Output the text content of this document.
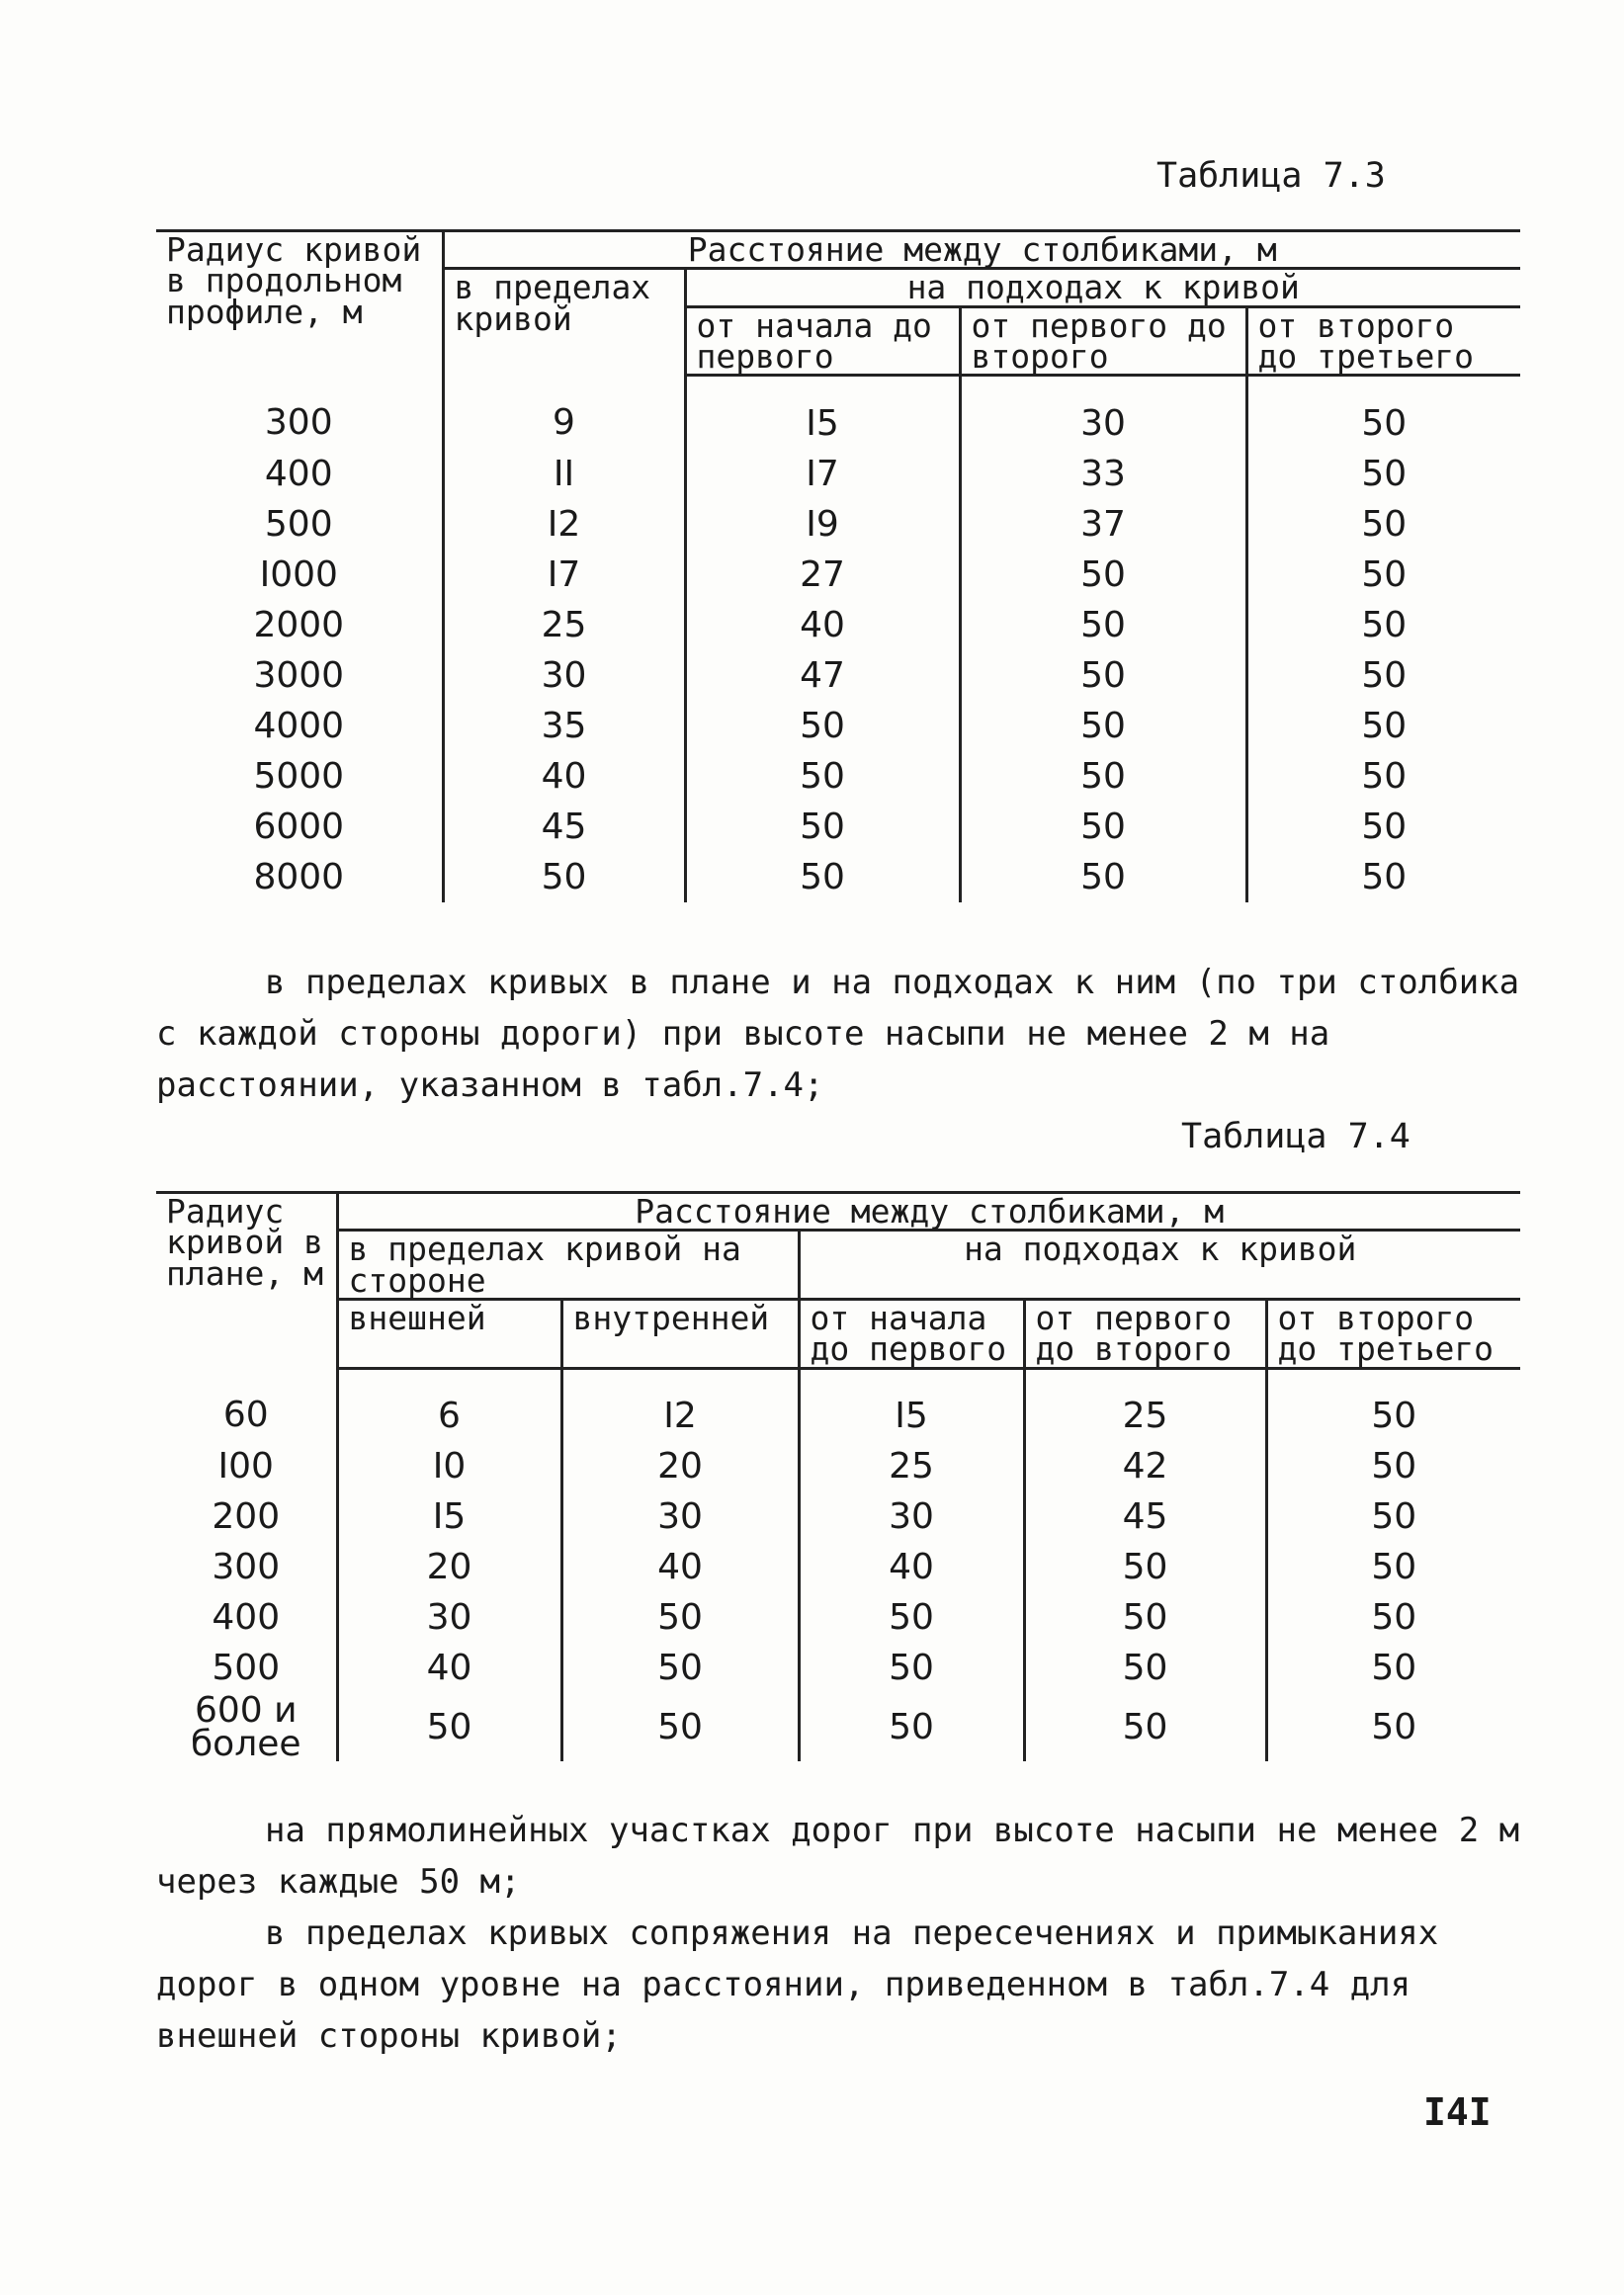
Таблица 7.3
Радиус кривой в продольном профиле, м	Расстояние между столбиками, м			
	в пределах кривой	на подходах к кривой		
		от начала до первого	от первого до второго	от второго до третьего
300	9	I5	30	50
400	II	I7	33	50
500	I2	I9	37	50
I000	I7	27	50	50
2000	25	40	50	50
3000	30	47	50	50
4000	35	50	50	50
5000	40	50	50	50
6000	45	50	50	50
8000	50	50	50	50

в пределах кривых в плане и на подходах к ним (по три столбика с каждой стороны дороги) при высоте насыпи не менее 2 м на расстоянии, указанном в табл.7.4;

Таблица 7.4
Радиус кривой в плане, м	Расстояние между столбиками, м				
	в пределах кривой на стороне		на подходах к кривой		
	внешней	внутренней	от начала до первого	от первого до второго	от второго до третьего
60	6	I2	I5	25	50
I00	I0	20	25	42	50
200	I5	30	30	45	50
300	20	40	40	50	50
400	30	50	50	50	50
500	40	50	50	50	50
600 и более	50	50	50	50	50

на прямолинейных участках дорог при высоте насыпи не менее 2 м через каждые 50 м;

в пределах кривых сопряжения на пересечениях и примыканиях дорог в одном уровне на расстоянии, приведенном в табл.7.4 для внешней стороны кривой;

I4I
